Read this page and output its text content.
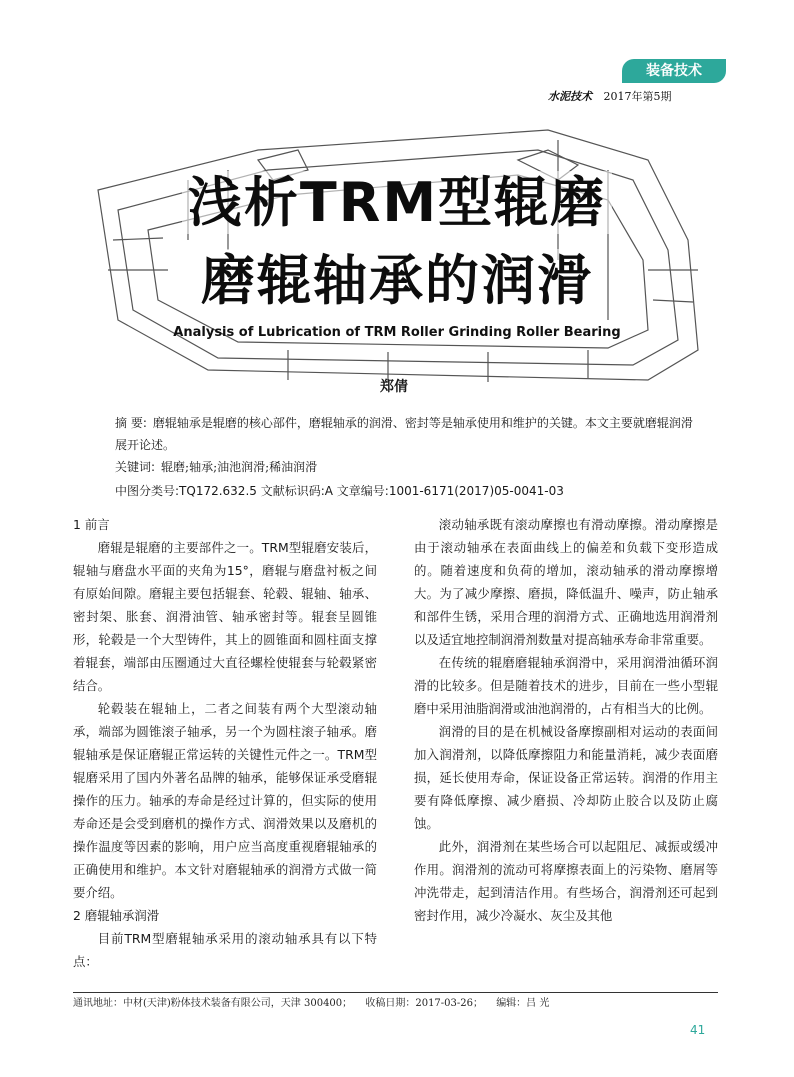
装备技术
水泥技术 2017年第5期
浅析TRM型辊磨
磨辊轴承的润滑
Analysis of Lubrication of TRM Roller Grinding Roller Bearing
郑倩

摘 要: 磨辊轴承是辊磨的核心部件，磨辊轴承的润滑、密封等是轴承使用和维护的关键。本文主要就磨辊润滑展开论述。

关键词: 辊磨;轴承;油池润滑;稀油润滑

中图分类号:TQ172.632.5 文献标识码:A 文章编号:1001-6171(2017)05-0041-03

1 前言

磨辊是辊磨的主要部件之一。TRM型辊磨安装后，辊轴与磨盘水平面的夹角为15°，磨辊与磨盘衬板之间有原始间隙。磨辊主要包括辊套、轮毂、辊轴、轴承、密封架、胀套、润滑油管、轴承密封等。辊套呈圆锥形，轮毂是一个大型铸件，其上的圆锥面和圆柱面支撑着辊套，端部由压圈通过大直径螺栓使辊套与轮毂紧密结合。

轮毂装在辊轴上，二者之间装有两个大型滚动轴承，端部为圆锥滚子轴承，另一个为圆柱滚子轴承。磨辊轴承是保证磨辊正常运转的关键性元件之一。TRM型辊磨采用了国内外著名品牌的轴承，能够保证承受磨辊操作的压力。轴承的寿命是经过计算的，但实际的使用寿命还是会受到磨机的操作方式、润滑效果以及磨机的操作温度等因素的影响，用户应当高度重视磨辊轴承的正确使用和维护。本文针对磨辊轴承的润滑方式做一简要介绍。

2 磨辊轴承润滑

目前TRM型磨辊轴承采用的滚动轴承具有以下特点：

滚动轴承既有滚动摩擦也有滑动摩擦。滑动摩擦是由于滚动轴承在表面曲线上的偏差和负载下变形造成的。随着速度和负荷的增加，滚动轴承的滑动摩擦增大。为了减少摩擦、磨损，降低温升、噪声，防止轴承和部件生锈，采用合理的润滑方式、正确地选用润滑剂以及适宜地控制润滑剂数量对提高轴承寿命非常重要。

在传统的辊磨磨辊轴承润滑中，采用润滑油循环润滑的比较多。但是随着技术的进步，目前在一些小型辊磨中采用油脂润滑或油池润滑的，占有相当大的比例。

润滑的目的是在机械设备摩擦副相对运动的表面间加入润滑剂，以降低摩擦阻力和能量消耗，减少表面磨损，延长使用寿命，保证设备正常运转。润滑的作用主要有降低摩擦、减少磨损、冷却防止胶合以及防止腐蚀。

此外，润滑剂在某些场合可以起阻尼、减振或缓冲作用。润滑剂的流动可将摩擦表面上的污染物、磨屑等冲洗带走，起到清洁作用。有些场合，润滑剂还可起到密封作用，减少冷凝水、灰尘及其他

通讯地址：中材(天津)粉体技术装备有限公司，天津 300400； 收稿日期：2017-03-26； 编辑：吕 光
41
